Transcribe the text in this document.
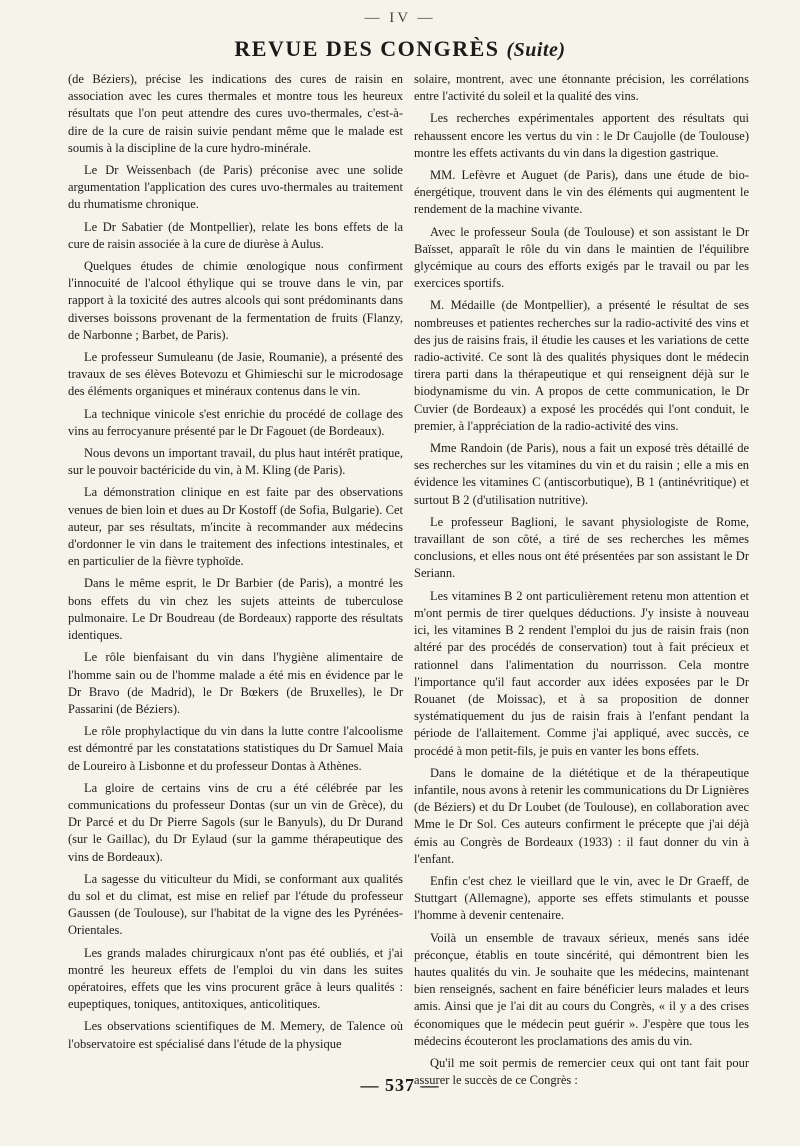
— IV —
REVUE DES CONGRÈS (Suite)

(de Béziers), précise les indications des cures de raisin en association avec les cures thermales et montre tous les heureux résultats que l'on peut attendre des cures uvo-thermales, c'est-à-dire de la cure de raisin suivie pendant même que le malade est soumis à la discipline de la cure hydro-minérale.

Le Dr Weissenbach (de Paris) préconise avec une solide argumentation l'application des cures uvo-thermales au traitement du rhumatisme chronique.

Le Dr Sabatier (de Montpellier), relate les bons effets de la cure de raisin associée à la cure de diurèse à Aulus.

Quelques études de chimie œnologique nous confirment l'innocuité de l'alcool éthylique qui se trouve dans le vin, par rapport à la toxicité des autres alcools qui sont prédominants dans diverses boissons provenant de la fermentation de fruits (Flanzy, de Narbonne ; Barbet, de Paris).

Le professeur Sumuleanu (de Jasie, Roumanie), a présenté des travaux de ses élèves Botevozu et Ghimieschi sur le microdosage des éléments organiques et minéraux contenus dans le vin.

La technique vinicole s'est enrichie du procédé de collage des vins au ferrocyanure présenté par le Dr Fagouet (de Bordeaux).

Nous devons un important travail, du plus haut intérêt pratique, sur le pouvoir bactéricide du vin, à M. Kling (de Paris).

La démonstration clinique en est faite par des observations venues de bien loin et dues au Dr Kostoff (de Sofia, Bulgarie). Cet auteur, par ses résultats, m'incite à recommander aux médecins d'ordonner le vin dans le traitement des infections intestinales, et en particulier de la fièvre typhoïde.

Dans le même esprit, le Dr Barbier (de Paris), a montré les bons effets du vin chez les sujets atteints de tuberculose pulmonaire. Le Dr Boudreau (de Bordeaux) rapporte des résultats identiques.

Le rôle bienfaisant du vin dans l'hygiène alimentaire de l'homme sain ou de l'homme malade a été mis en évidence par le Dr Bravo (de Madrid), le Dr Bœkers (de Bruxelles), le Dr Passarini (de Béziers).

Le rôle prophylactique du vin dans la lutte contre l'alcoolisme est démontré par les constatations statistiques du Dr Samuel Maia de Loureiro à Lisbonne et du professeur Dontas à Athènes.

La gloire de certains vins de cru a été célébrée par les communications du professeur Dontas (sur un vin de Grèce), du Dr Parcé et du Dr Pierre Sagols (sur le Banyuls), du Dr Durand (sur le Gaillac), du Dr Eylaud (sur la gamme thérapeutique des vins de Bordeaux).

La sagesse du viticulteur du Midi, se conformant aux qualités du sol et du climat, est mise en relief par l'étude du professeur Gaussen (de Toulouse), sur l'habitat de la vigne des les Pyrénées-Orientales.

Les grands malades chirurgicaux n'ont pas été oubliés, et j'ai montré les heureux effets de l'emploi du vin dans les suites opératoires, effets que les vins procurent grâce à leurs qualités : eupeptiques, toniques, antitoxiques, anticolitiques.

Les observations scientifiques de M. Memery, de Talence où l'observatoire est spécialisé dans l'étude de la physique

solaire, montrent, avec une étonnante précision, les corrélations entre l'activité du soleil et la qualité des vins.

Les recherches expérimentales apportent des résultats qui rehaussent encore les vertus du vin : le Dr Caujolle (de Toulouse) montre les effets activants du vin dans la digestion gastrique.

MM. Lefèvre et Auguet (de Paris), dans une étude de bio-énergétique, trouvent dans le vin des éléments qui augmentent le rendement de la machine vivante.

Avec le professeur Soula (de Toulouse) et son assistant le Dr Baïsset, apparaît le rôle du vin dans le maintien de l'équilibre glycémique au cours des efforts exigés par le travail ou par les exercices sportifs.

M. Médaille (de Montpellier), a présenté le résultat de ses nombreuses et patientes recherches sur la radio-activité des vins et des jus de raisins frais, il étudie les causes et les variations de cette radio-activité. Ce sont là des qualités physiques dont le médecin tirera parti dans la thérapeutique et qui renseignent déjà sur le biodynamisme du vin. A propos de cette communication, le Dr Cuvier (de Bordeaux) a exposé les procédés qui l'ont conduit, le premier, à l'appréciation de la radio-activité des vins.

Mme Randoin (de Paris), nous a fait un exposé très détaillé de ses recherches sur les vitamines du vin et du raisin ; elle a mis en évidence les vitamines C (antiscorbutique), B 1 (antinévritique) et surtout B 2 (d'utilisation nutritive).

Le professeur Baglioni, le savant physiologiste de Rome, travaillant de son côté, a tiré de ses recherches les mêmes conclusions, et elles nous ont été présentées par son assistant le Dr Seriann.

Les vitamines B 2 ont particulièrement retenu mon attention et m'ont permis de tirer quelques déductions. J'y insiste à nouveau ici, les vitamines B 2 rendent l'emploi du jus de raisin frais (non altéré par des procédés de conservation) tout à fait précieux et rationnel dans l'alimentation du nourrisson. Cela montre l'importance qu'il faut accorder aux idées exposées par le Dr Rouanet (de Moissac), et à sa proposition de donner systématiquement du jus de raisin frais à l'enfant pendant la période de l'allaitement. Comme j'ai appliqué, avec succès, ce procédé à mon petit-fils, je puis en vanter les bons effets.

Dans le domaine de la diététique et de la thérapeutique infantile, nous avons à retenir les communications du Dr Lignières (de Béziers) et du Dr Loubet (de Toulouse), en collaboration avec Mme le Dr Sol. Ces auteurs confirment le précepte que j'ai déjà émis au Congrès de Bordeaux (1933) : il faut donner du vin à l'enfant.

Enfin c'est chez le vieillard que le vin, avec le Dr Graeff, de Stuttgart (Allemagne), apporte ses effets stimulants et pousse l'homme à devenir centenaire.

Voilà un ensemble de travaux sérieux, menés sans idée préconçue, établis en toute sincérité, qui démontrent bien les hautes qualités du vin. Je souhaite que les médecins, maintenant bien renseignés, sachent en faire bénéficier leurs malades et leurs amis. Ainsi que je l'ai dit au cours du Congrès, « il y a des crises économiques que le médecin peut guérir ». J'espère que tous les médecins écouteront les proclamations des amis du vin.

Qu'il me soit permis de remercier ceux qui ont tant fait pour assurer le succès de ce Congrès :

— 537 —
